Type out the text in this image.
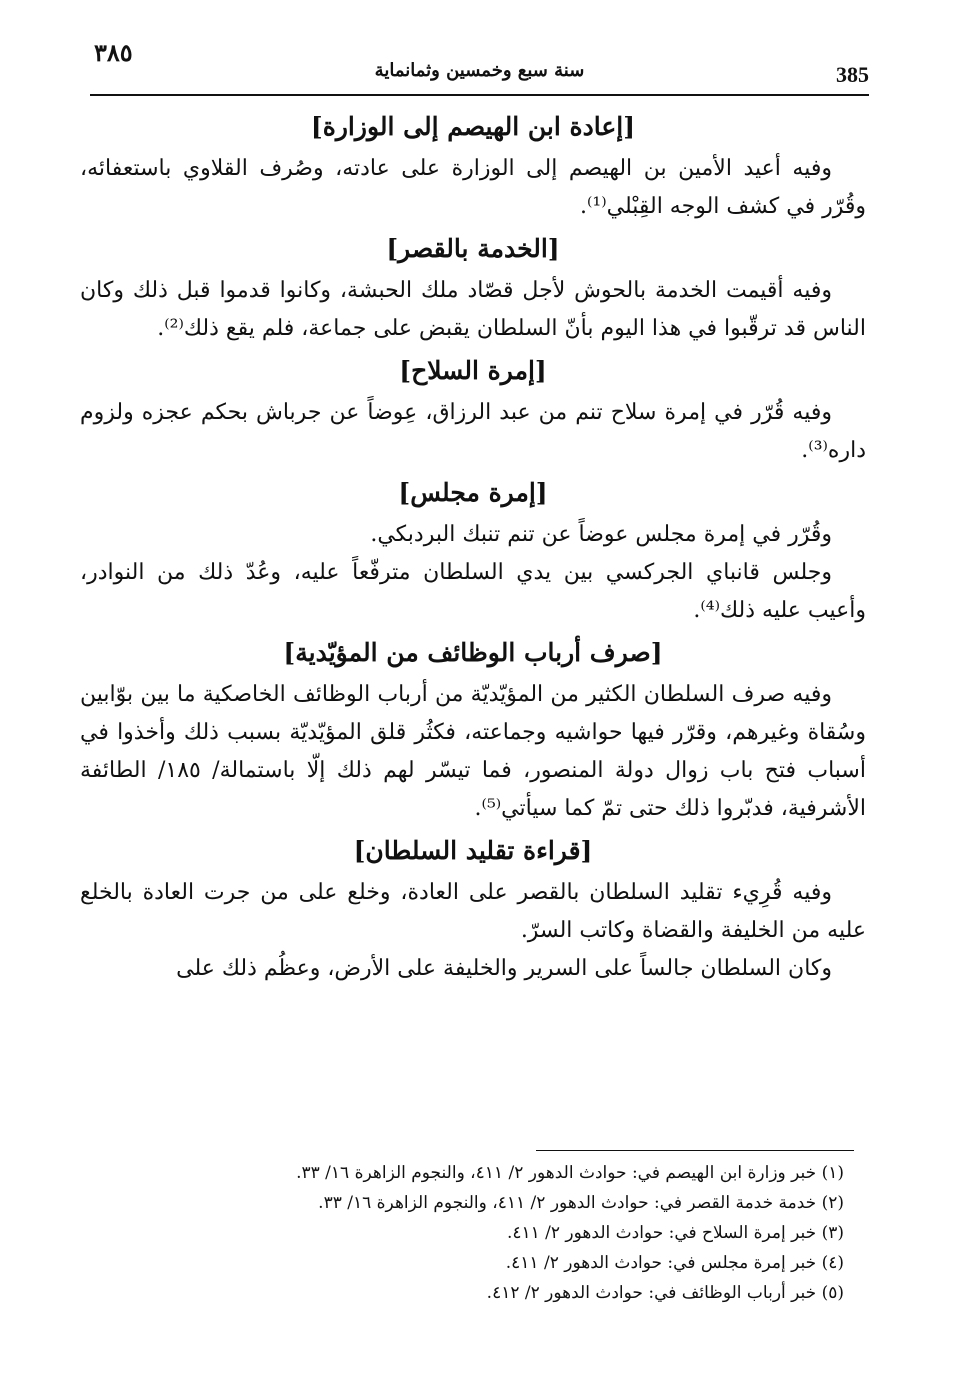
٣٨٥
سنة سبع وخمسين وثمانماية	385
[إعادة ابن الهيصم إلى الوزارة]

وفيه أعيد الأمين بن الهيصم إلى الوزارة على عادته، وصُرف القلاوي باستعفائه، وقُرّر في كشف الوجه القِبْلي⁽¹⁾.

[الخدمة بالقصر]

وفيه أقيمت الخدمة بالحوش لأجل قصّاد ملك الحبشة، وكانوا قدموا قبل ذلك وكان الناس قد ترقّبوا في هذا اليوم بأنّ السلطان يقبض على جماعة، فلم يقع ذلك⁽²⁾.

[إمرة السلاح]

وفيه قُرّر في إمرة سلاح تنم من عبد الرزاق، عِوضاً عن جرباش بحكم عجزه ولزوم داره⁽³⁾.

[إمرة مجلس]

وقُرّر في إمرة مجلس عوضاً عن تنم تنبك البردبكي.

وجلس قانباي الجركسي بين يدي السلطان مترفّعاً عليه، وعُدّ ذلك من النوادر، وأعيب عليه ذلك⁽⁴⁾.

[صرف أرباب الوظائف من المؤيّدية]

وفيه صرف السلطان الكثير من المؤيّديّة من أرباب الوظائف الخاصكية ما بين بوّابين وسُقاة وغيرهم، وقرّر فيها حواشيه وجماعته، فكثُر قلق المؤيّديّة بسبب ذلك وأخذوا في أسباب فتح باب زوال دولة المنصور، فما تيسّر لهم ذلك إلّا باستمالة/ ١٨٥/ الطائفة الأشرفية، فدبّروا ذلك حتى تمّ كما سيأتي⁽⁵⁾.

[قراءة تقليد السلطان]

وفيه قُرِيء تقليد السلطان بالقصر على العادة، وخلع على من جرت العادة بالخلع عليه من الخليفة والقضاة وكاتب السرّ.

وكان السلطان جالساً على السرير والخليفة على الأرض، وعظُم ذلك على

(١) خبر وزارة ابن الهيصم في: حوادث الدهور ٢/ ٤١١، والنجوم الزاهرة ١٦/ ٣٣.

(٢) خدمة خدمة القصر في: حوادث الدهور ٢/ ٤١١، والنجوم الزاهرة ١٦/ ٣٣.

(٣) خبر إمرة السلاح في: حوادث الدهور ٢/ ٤١١.

(٤) خبر إمرة مجلس في: حوادث الدهور ٢/ ٤١١.

(٥) خبر أرباب الوظائف في: حوادث الدهور ٢/ ٤١٢.
